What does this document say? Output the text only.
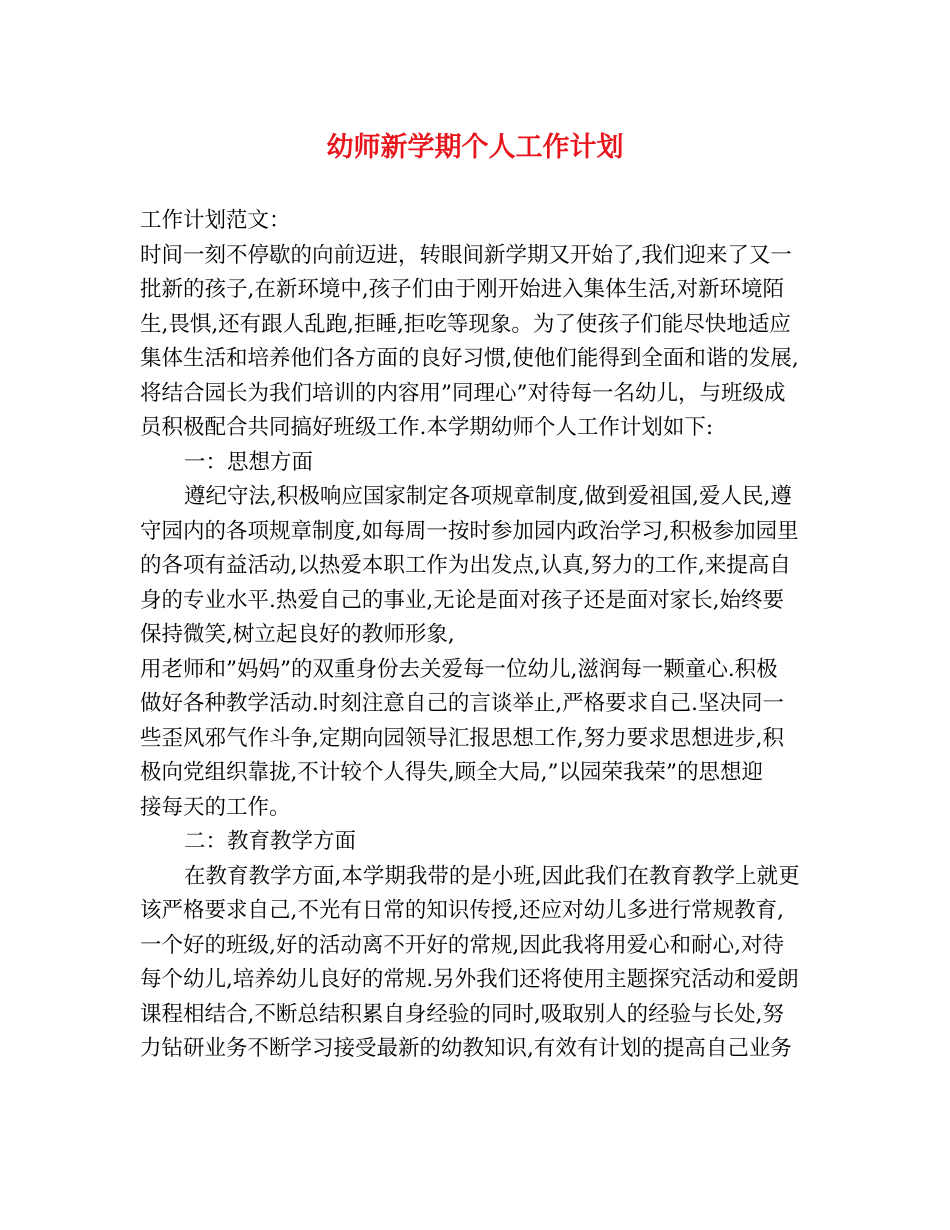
幼师新学期个人工作计划
工作计划范文：
时间一刻不停歇的向前迈进，转眼间新学期又开始了,我们迎来了又一
批新的孩子,在新环境中,孩子们由于刚开始进入集体生活,对新环境陌
生,畏惧,还有跟人乱跑,拒睡,拒吃等现象。为了使孩子们能尽快地适应
集体生活和培养他们各方面的良好习惯,使他们能得到全面和谐的发展,
将结合园长为我们培训的内容用”同理心”对待每一名幼儿，与班级成
员积极配合共同搞好班级工作.本学期幼师个人工作计划如下:
一：思想方面
遵纪守法,积极响应国家制定各项规章制度,做到爱祖国,爱人民,遵
守园内的各项规章制度,如每周一按时参加园内政治学习,积极参加园里
的各项有益活动,以热爱本职工作为出发点,认真,努力的工作,来提高自
身的专业水平.热爱自己的事业,无论是面对孩子还是面对家长,始终要
保持微笑,树立起良好的教师形象,
用老师和”妈妈”的双重身份去关爱每一位幼儿,滋润每一颗童心.积极
做好各种教学活动.时刻注意自己的言谈举止,严格要求自己.坚决同一
些歪风邪气作斗争,定期向园领导汇报思想工作,努力要求思想进步,积
极向党组织靠拢,不计较个人得失,顾全大局,”以园荣我荣”的思想迎
接每天的工作。
二：教育教学方面
在教育教学方面,本学期我带的是小班,因此我们在教育教学上就更
该严格要求自己,不光有日常的知识传授,还应对幼儿多进行常规教育,
一个好的班级,好的活动离不开好的常规,因此我将用爱心和耐心,对待
每个幼儿,培养幼儿良好的常规.另外我们还将使用主题探究活动和爱朗
课程相结合,不断总结积累自身经验的同时,吸取别人的经验与长处,努
力钻研业务不断学习接受最新的幼教知识,有效有计划的提高自己业务
